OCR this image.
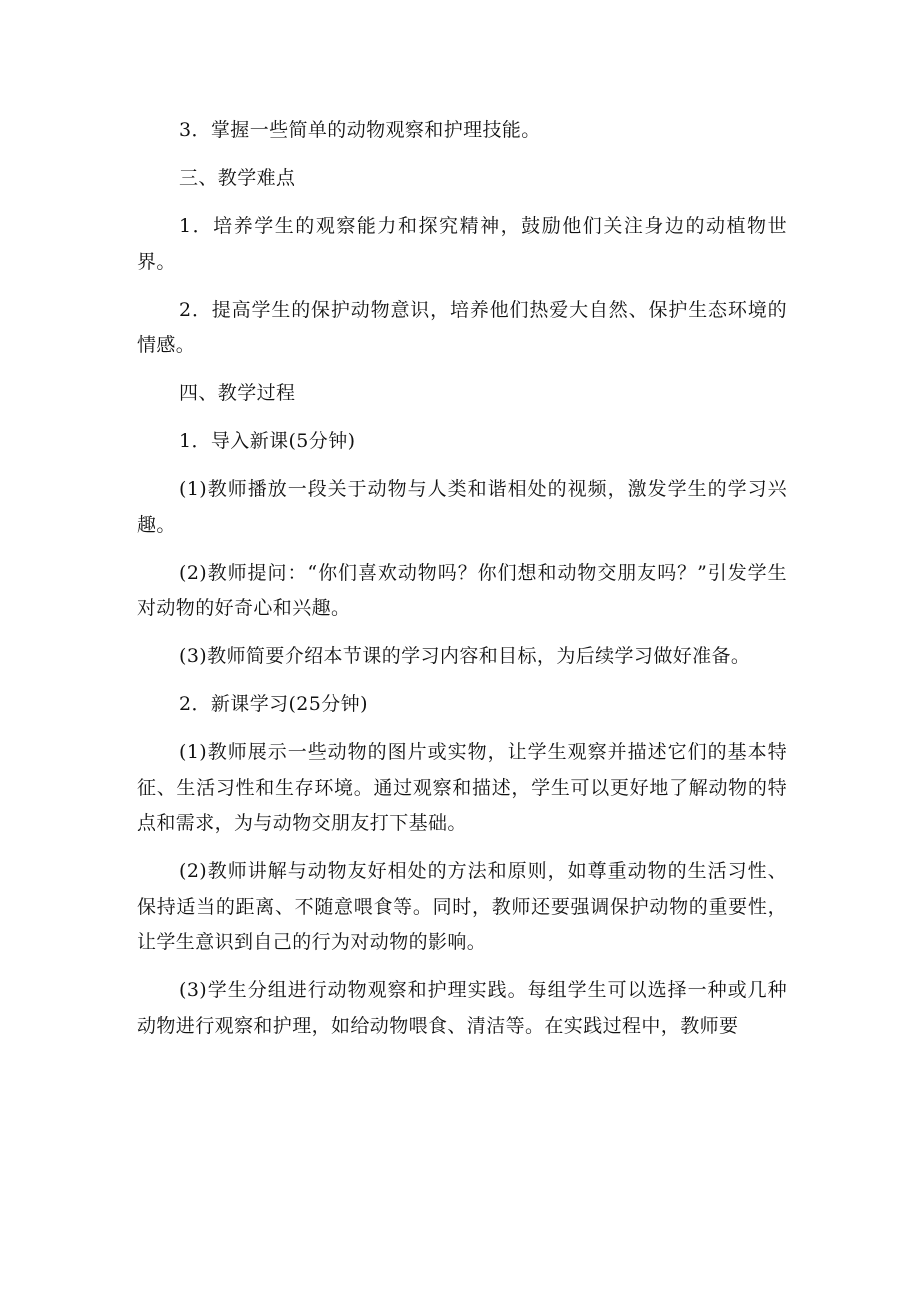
3．掌握一些简单的动物观察和护理技能。

三、教学难点

1．培养学生的观察能力和探究精神，鼓励他们关注身边的动植物世界。

2．提高学生的保护动物意识，培养他们热爱大自然、保护生态环境的情感。

四、教学过程

1．导入新课(5分钟)

(1)教师播放一段关于动物与人类和谐相处的视频，激发学生的学习兴趣。

(2)教师提问：“你们喜欢动物吗？你们想和动物交朋友吗？”引发学生对动物的好奇心和兴趣。

(3)教师简要介绍本节课的学习内容和目标，为后续学习做好准备。

2．新课学习(25分钟)

(1)教师展示一些动物的图片或实物，让学生观察并描述它们的基本特征、生活习性和生存环境。通过观察和描述，学生可以更好地了解动物的特点和需求，为与动物交朋友打下基础。

(2)教师讲解与动物友好相处的方法和原则，如尊重动物的生活习性、保持适当的距离、不随意喂食等。同时，教师还要强调保护动物的重要性，让学生意识到自己的行为对动物的影响。

(3)学生分组进行动物观察和护理实践。每组学生可以选择一种或几种动物进行观察和护理，如给动物喂食、清洁等。在实践过程中，教师要
